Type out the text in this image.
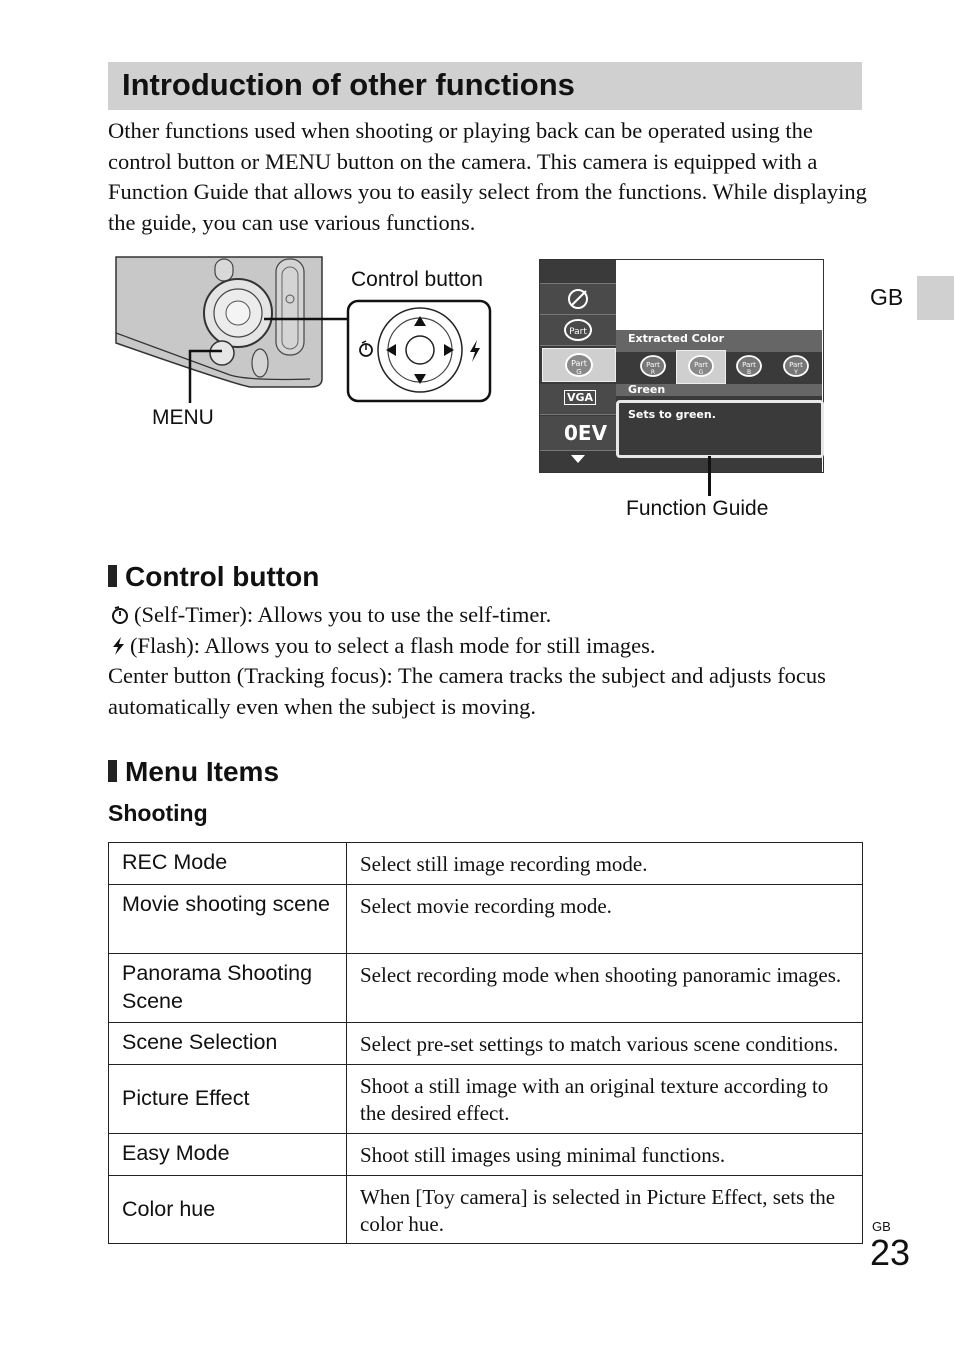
Introduction of other functions
Other functions used when shooting or playing back can be operated using the control button or MENU button on the camera. This camera is equipped with a Function Guide that allows you to easily select from the functions. While displaying the guide, you can use various functions.
GB
Control button
MENU
Part
Part
G
VGA
0EV
Extracted Color
Part
R
Part
G
Part
B
Part
Y
Green
Sets to green.
Function Guide
Control button
(Self-Timer): Allows you to use the self-timer.
(Flash): Allows you to select a flash mode for still images.
Center button (Tracking focus): The camera tracks the subject and adjusts focus automatically even when the subject is moving.
Menu Items
Shooting
REC Mode	Select still image recording mode.
Movie shooting scene	Select movie recording mode.
Panorama Shooting Scene	Select recording mode when shooting panoramic images.
Scene Selection	Select pre-set settings to match various scene conditions.
Picture Effect	Shoot a still image with an original texture according to the desired effect.
Easy Mode	Shoot still images using minimal functions.
Color hue	When [Toy camera] is selected in Picture Effect, sets the color hue.	GB
23
